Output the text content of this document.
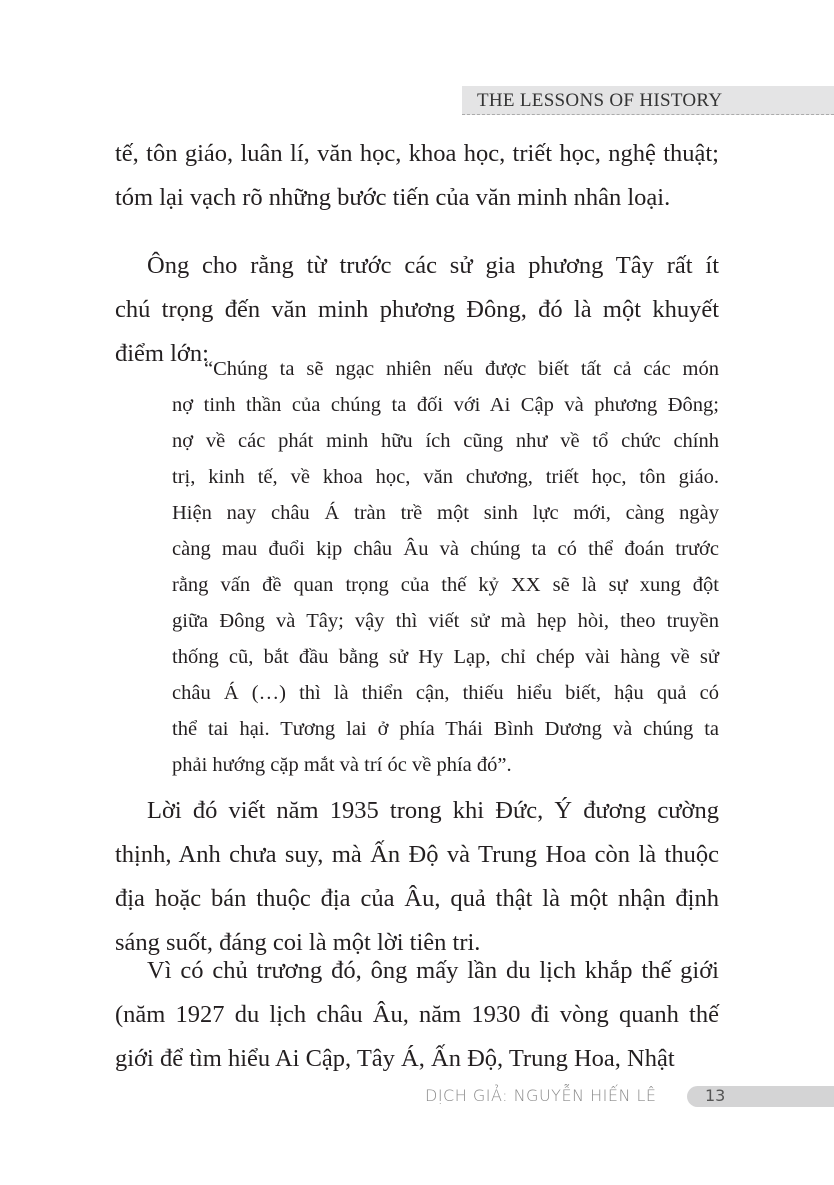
THE LESSONS OF HISTORY
tế, tôn giáo, luân lí, văn học, khoa học, triết học, nghệ thuật;
tóm lại vạch rõ những bước tiến của văn minh nhân loại.
Ông cho rằng từ trước các sử gia phương Tây rất ít
chú trọng đến văn minh phương Đông, đó là một khuyết
điểm lớn:
“Chúng ta sẽ ngạc nhiên nếu được biết tất cả các món
nợ tinh thần của chúng ta đối với Ai Cập và phương Đông;
nợ về các phát minh hữu ích cũng như về tổ chức chính
trị, kinh tế, về khoa học, văn chương, triết học, tôn giáo.
Hiện nay châu Á tràn trề một sinh lực mới, càng ngày
càng mau đuổi kịp châu Âu và chúng ta có thể đoán trước
rằng vấn đề quan trọng của thế kỷ XX sẽ là sự xung đột
giữa Đông và Tây; vậy thì viết sử mà hẹp hòi, theo truyền
thống cũ, bắt đầu bằng sử Hy Lạp, chỉ chép vài hàng về sử
châu Á (…) thì là thiển cận, thiếu hiểu biết, hậu quả có
thể tai hại. Tương lai ở phía Thái Bình Dương và chúng ta
phải hướng cặp mắt và trí óc về phía đó”.
Lời đó viết năm 1935 trong khi Đức, Ý đương cường
thịnh, Anh chưa suy, mà Ấn Độ và Trung Hoa còn là thuộc
địa hoặc bán thuộc địa của Âu, quả thật là một nhận định
sáng suốt, đáng coi là một lời tiên tri.
Vì có chủ trương đó, ông mấy lần du lịch khắp thế giới
(năm 1927 du lịch châu Âu, năm 1930 đi vòng quanh thế
giới để tìm hiểu Ai Cập, Tây Á, Ấn Độ, Trung Hoa, Nhật
DỊCH GIẢ: NGUYỄN HIẾN LÊ	13
